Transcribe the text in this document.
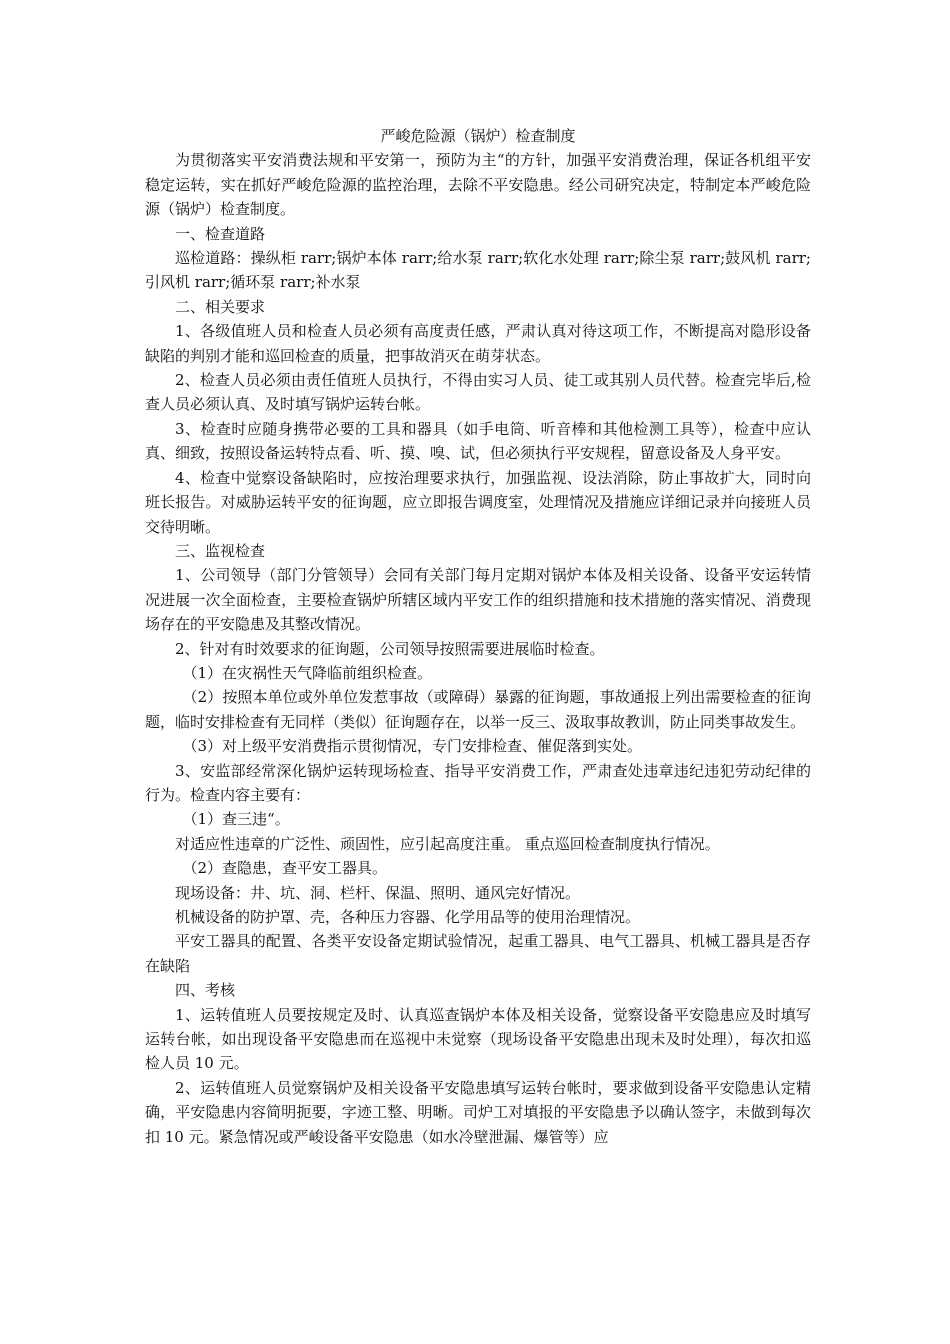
严峻危险源（锅炉）检查制度

为贯彻落实平安消费法规和平安第一，预防为主“的方针，加强平安消费治理，保证各机组平安稳定运转，实在抓好严峻危险源的监控治理，去除不平安隐患。经公司研究决定，特制定本严峻危险源（锅炉）检查制度。

一、检查道路

巡检道路：操纵柜 rarr;锅炉本体 rarr;给水泵 rarr;软化水处理 rarr;除尘泵 rarr;鼓风机 rarr;引风机 rarr;循环泵 rarr;补水泵

二、相关要求

1、各级值班人员和检查人员必须有高度责任感，严肃认真对待这项工作，不断提高对隐形设备缺陷的判别才能和巡回检查的质量，把事故消灭在萌芽状态。

2、检查人员必须由责任值班人员执行，不得由实习人员、徒工或其别人员代替。检查完毕后,检查人员必须认真、及时填写锅炉运转台帐。

3、检查时应随身携带必要的工具和器具（如手电筒、听音棒和其他检测工具等），检查中应认真、细致，按照设备运转特点看、听、摸、嗅、试，但必须执行平安规程，留意设备及人身平安。

4、检查中觉察设备缺陷时，应按治理要求执行，加强监视、设法消除，防止事故扩大，同时向班长报告。对威胁运转平安的征询题，应立即报告调度室，处理情况及措施应详细记录并向接班人员交待明晰。

三、监视检查

1、公司领导（部门分管领导）会同有关部门每月定期对锅炉本体及相关设备、设备平安运转情况进展一次全面检查，主要检查锅炉所辖区域内平安工作的组织措施和技术措施的落实情况、消费现场存在的平安隐患及其整改情况。

2、针对有时效要求的征询题，公司领导按照需要进展临时检查。

（1）在灾祸性天气降临前组织检查。

（2）按照本单位或外单位发惹事故（或障碍）暴露的征询题，事故通报上列出需要检查的征询题，临时安排检查有无同样（类似）征询题存在，以举一反三、汲取事故教训，防止同类事故发生。

（3）对上级平安消费指示贯彻情况，专门安排检查、催促落到实处。

3、安监部经常深化锅炉运转现场检查、指导平安消费工作，严肃查处违章违纪违犯劳动纪律的行为。检查内容主要有：

（1）查三违“。

对适应性违章的广泛性、顽固性，应引起高度注重。 重点巡回检查制度执行情况。

（2）查隐患，查平安工器具。

现场设备：井、坑、洞、栏杆、保温、照明、通风完好情况。

机械设备的防护罩、壳，各种压力容器、化学用品等的使用治理情况。

平安工器具的配置、各类平安设备定期试验情况，起重工器具、电气工器具、机械工器具是否存在缺陷

四、考核

1、运转值班人员要按规定及时、认真巡查锅炉本体及相关设备，觉察设备平安隐患应及时填写运转台帐，如出现设备平安隐患而在巡视中未觉察（现场设备平安隐患出现未及时处理），每次扣巡检人员 10 元。

2、运转值班人员觉察锅炉及相关设备平安隐患填写运转台帐时，要求做到设备平安隐患认定精确，平安隐患内容简明扼要，字迹工整、明晰。司炉工对填报的平安隐患予以确认签字，未做到每次扣 10 元。紧急情况或严峻设备平安隐患（如水冷壁泄漏、爆管等）应
